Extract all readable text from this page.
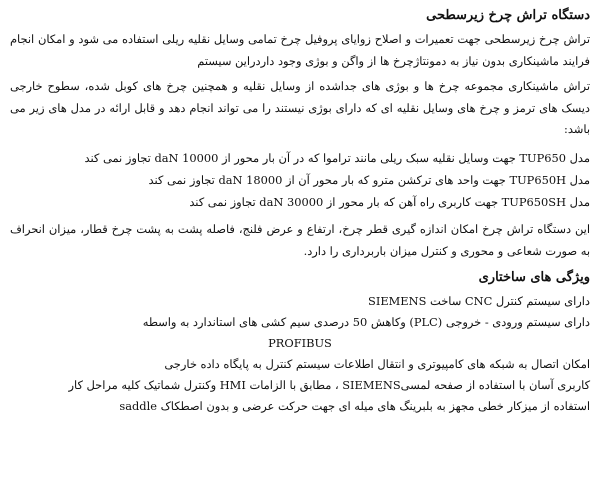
دستگاه تراش چرخ زیرسطحی

تراش چرخ زیرسطحی جهت تعمیرات و اصلاح زوایای پروفیل چرخ تمامی وسایل نقلیه ریلی استفاده می شود و امکان انجام فرایند ماشینکاری بدون نیاز به دمونتاژچرخ ها از واگن و بوژی وجود داردراین سیستم

تراش ماشینکاری مجموعه چرخ ها و بوژی های جداشده از وسایل نقلیه و همچنین چرخ های کوبل شده، سطوح خارجی دیسک های ترمز و چرخ های وسایل نقلیه ای که دارای بوژی نیستند را می تواند انجام دهد و قابل ارائه در مدل های زیر می باشد:

مدل TUP650 جهت وسایل نقلیه سبک ریلی مانند تراموا که در آن بار محور از daN 10000 تجاوز نمی کند
مدل TUP650H جهت واحد های ترکشن مترو که بار محور آن از daN 18000 تجاوز نمی کند
مدل TUP650SH جهت کاربری راه آهن که بار محور از daN 30000 تجاوز نمی کند

این دستگاه تراش چرخ امکان اندازه گیری قطر چرخ، ارتفاع و عرض فلنج، فاصله پشت به پشت چرخ قطار، میزان انحراف به صورت شعاعی و محوری و کنترل میزان باربرداری را دارد.

ویژگی های ساختاری
دارای سیستم کنترل CNC ساخت SIEMENS
دارای سیستم ورودی - خروجی (PLC) وکاهش 50 درصدی سیم کشی های استاندارد به واسطه
PROFIBUS
امکان اتصال به شبکه های کامپیوتری و انتقال اطلاعات سیستم کنترل به پایگاه داده خارجی
کاربری آسان با استفاده از صفحه لمسیSIEMENS ، مطابق با الزامات HMI وکنترل شماتیک کلیه مراحل کار
استفاده از میزکار خطی مجهز به بلبرینگ های میله ای جهت حرکت عرضی و بدون اصطکاک saddle
